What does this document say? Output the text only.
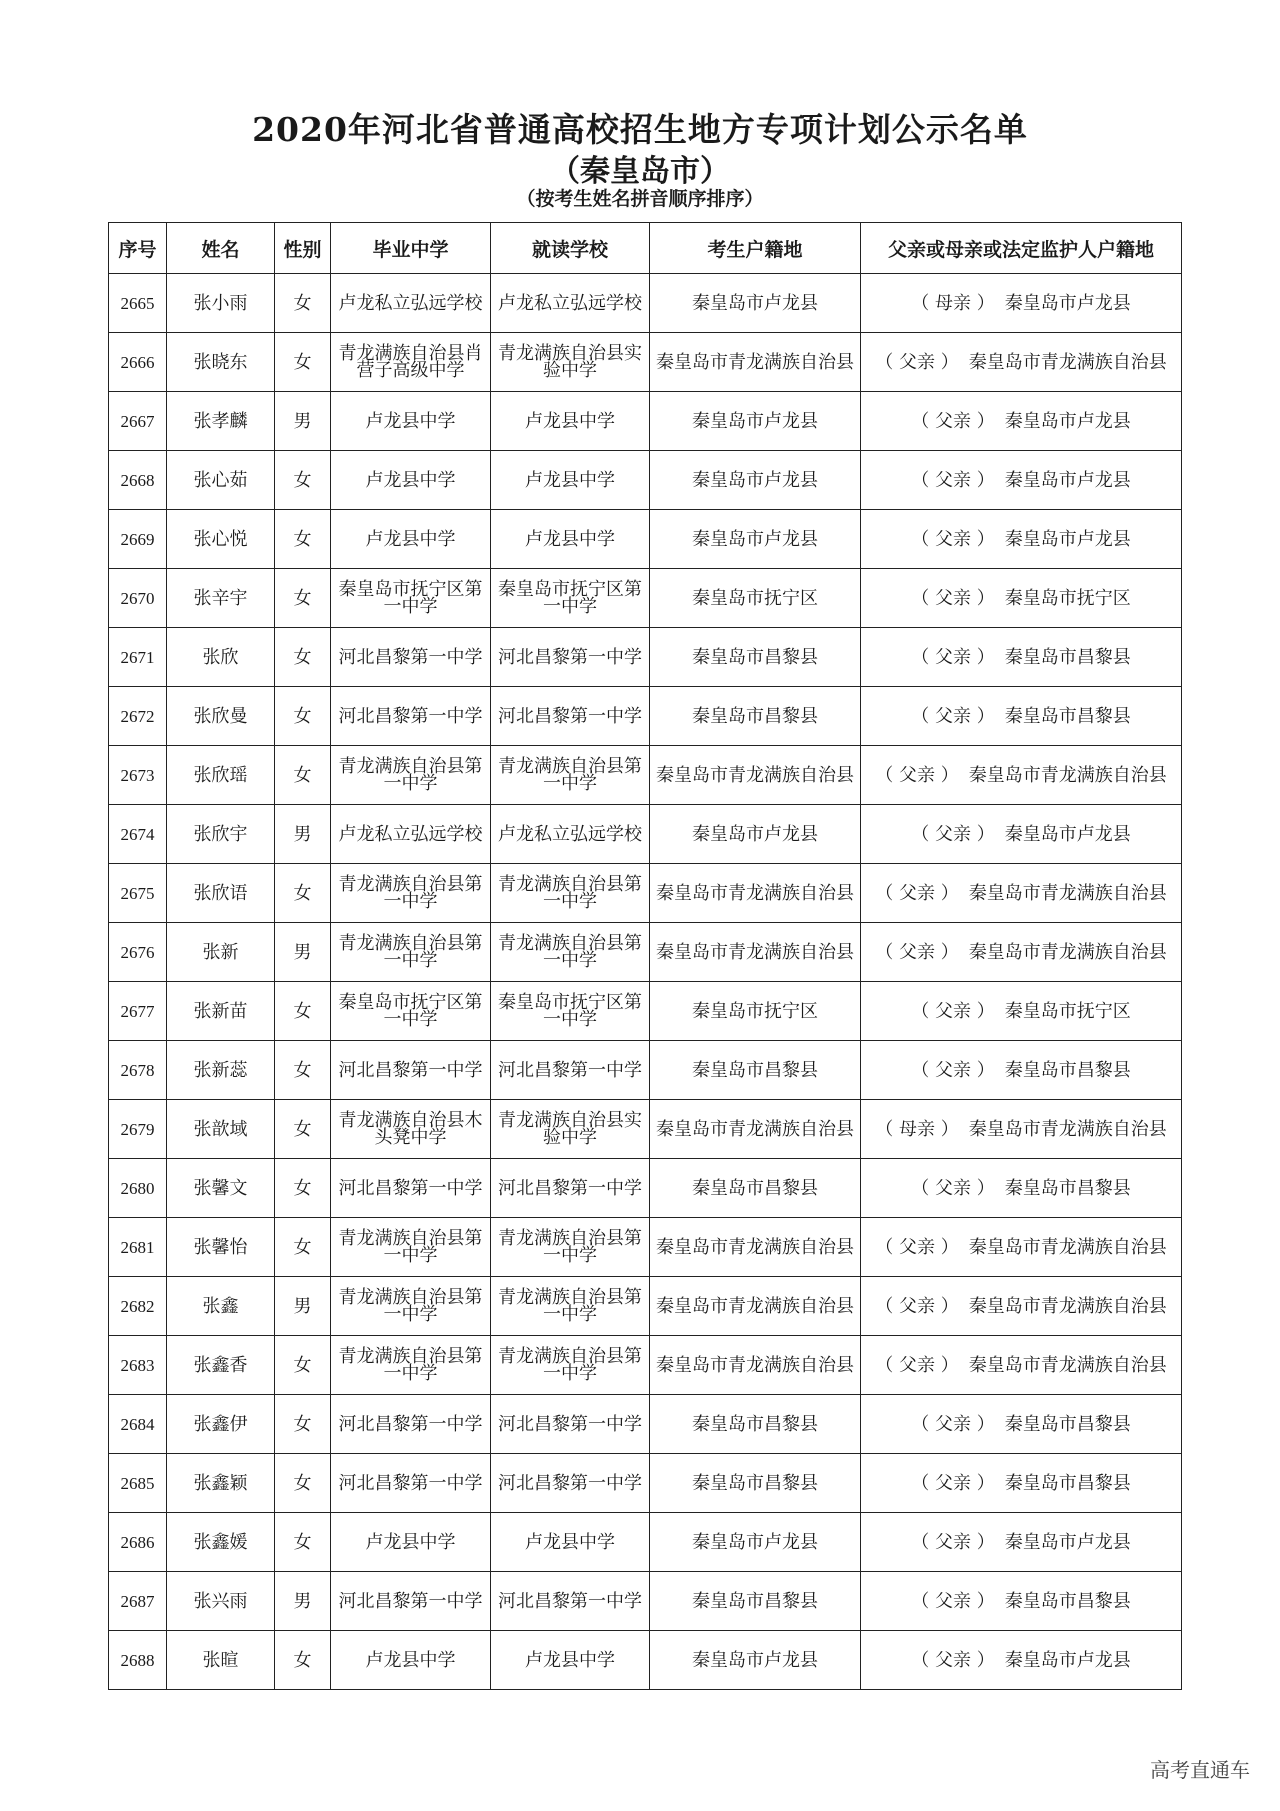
2020年河北省普通高校招生地方专项计划公示名单
（秦皇岛市）
（按考生姓名拼音顺序排序）
序号	姓名	性别	毕业中学	就读学校	考生户籍地	父亲或母亲或法定监护人户籍地
2665	张小雨	女	卢龙私立弘远学校	卢龙私立弘远学校	秦皇岛市卢龙县	（ 母亲 ） 秦皇岛市卢龙县
2666	张晓东	女	青龙满族自治县肖营子高级中学	青龙满族自治县实验中学	秦皇岛市青龙满族自治县	（ 父亲 ） 秦皇岛市青龙满族自治县
2667	张孝麟	男	卢龙县中学	卢龙县中学	秦皇岛市卢龙县	（ 父亲 ） 秦皇岛市卢龙县
2668	张心茹	女	卢龙县中学	卢龙县中学	秦皇岛市卢龙县	（ 父亲 ） 秦皇岛市卢龙县
2669	张心悦	女	卢龙县中学	卢龙县中学	秦皇岛市卢龙县	（ 父亲 ） 秦皇岛市卢龙县
2670	张辛宇	女	秦皇岛市抚宁区第一中学	秦皇岛市抚宁区第一中学	秦皇岛市抚宁区	（ 父亲 ） 秦皇岛市抚宁区
2671	张欣	女	河北昌黎第一中学	河北昌黎第一中学	秦皇岛市昌黎县	（ 父亲 ） 秦皇岛市昌黎县
2672	张欣曼	女	河北昌黎第一中学	河北昌黎第一中学	秦皇岛市昌黎县	（ 父亲 ） 秦皇岛市昌黎县
2673	张欣瑶	女	青龙满族自治县第一中学	青龙满族自治县第一中学	秦皇岛市青龙满族自治县	（ 父亲 ） 秦皇岛市青龙满族自治县
2674	张欣宇	男	卢龙私立弘远学校	卢龙私立弘远学校	秦皇岛市卢龙县	（ 父亲 ） 秦皇岛市卢龙县
2675	张欣语	女	青龙满族自治县第一中学	青龙满族自治县第一中学	秦皇岛市青龙满族自治县	（ 父亲 ） 秦皇岛市青龙满族自治县
2676	张新	男	青龙满族自治县第一中学	青龙满族自治县第一中学	秦皇岛市青龙满族自治县	（ 父亲 ） 秦皇岛市青龙满族自治县
2677	张新苗	女	秦皇岛市抚宁区第一中学	秦皇岛市抚宁区第一中学	秦皇岛市抚宁区	（ 父亲 ） 秦皇岛市抚宁区
2678	张新蕊	女	河北昌黎第一中学	河北昌黎第一中学	秦皇岛市昌黎县	（ 父亲 ） 秦皇岛市昌黎县
2679	张歆域	女	青龙满族自治县木头凳中学	青龙满族自治县实验中学	秦皇岛市青龙满族自治县	（ 母亲 ） 秦皇岛市青龙满族自治县
2680	张馨文	女	河北昌黎第一中学	河北昌黎第一中学	秦皇岛市昌黎县	（ 父亲 ） 秦皇岛市昌黎县
2681	张馨怡	女	青龙满族自治县第一中学	青龙满族自治县第一中学	秦皇岛市青龙满族自治县	（ 父亲 ） 秦皇岛市青龙满族自治县
2682	张鑫	男	青龙满族自治县第一中学	青龙满族自治县第一中学	秦皇岛市青龙满族自治县	（ 父亲 ） 秦皇岛市青龙满族自治县
2683	张鑫香	女	青龙满族自治县第一中学	青龙满族自治县第一中学	秦皇岛市青龙满族自治县	（ 父亲 ） 秦皇岛市青龙满族自治县
2684	张鑫伊	女	河北昌黎第一中学	河北昌黎第一中学	秦皇岛市昌黎县	（ 父亲 ） 秦皇岛市昌黎县
2685	张鑫颖	女	河北昌黎第一中学	河北昌黎第一中学	秦皇岛市昌黎县	（ 父亲 ） 秦皇岛市昌黎县
2686	张鑫媛	女	卢龙县中学	卢龙县中学	秦皇岛市卢龙县	（ 父亲 ） 秦皇岛市卢龙县
2687	张兴雨	男	河北昌黎第一中学	河北昌黎第一中学	秦皇岛市昌黎县	（ 父亲 ） 秦皇岛市昌黎县
2688	张暄	女	卢龙县中学	卢龙县中学	秦皇岛市卢龙县	（ 父亲 ） 秦皇岛市卢龙县
高考直通车
